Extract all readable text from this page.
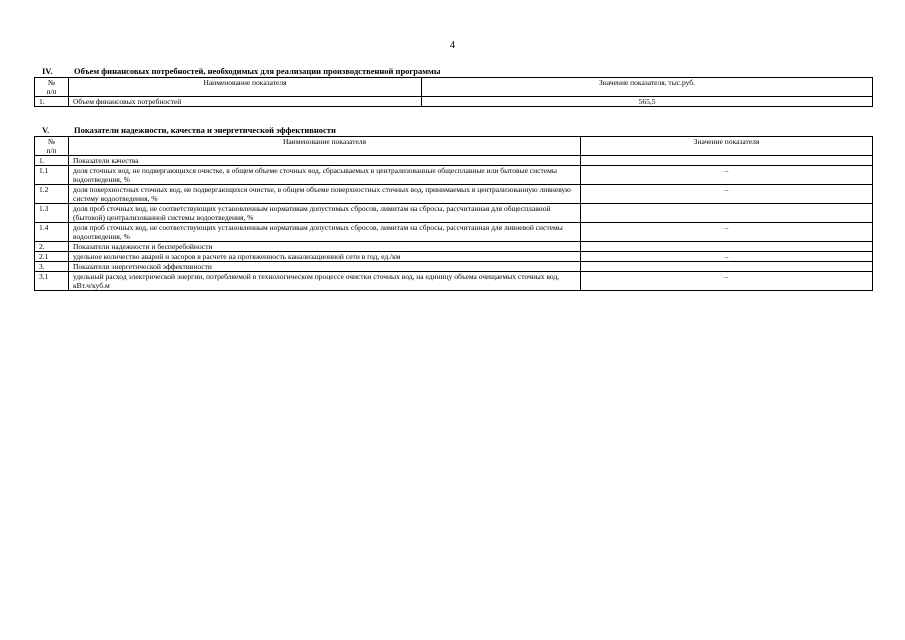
4
IV.	Объем финансовых потребностей, необходимых для реализации производственной программы
№
п/п	Наименование показателя	Значение показателя, тыс.руб.
1.	Объем финансовых потребностей	565,5
V.	Показатели надежности, качества и энергетической эффективности
№
п/п	Наименование показателя	Значение показателя
1.	Показатели качества	
1.1	доля сточных вод, не подвергающихся очистке, в общем объеме сточных вод, сбрасываемых в централизованные общесплавные или бытовые системы водоотведения, %	–
1.2	доля поверхностных сточных вод, не подвергающихся очистке, в общем объеме поверхностных сточных вод, принимаемых в централизованную ливневую систему водоотведения, %	–
1.3	доля проб сточных вод, не соответствующих установленным нормативам допустимых сбросов, лимитам на сбросы, рассчитанная для общесплавной (бытовой) централизованной системы водоотведения, %	
1.4	доля проб сточных вод, не соответствующих установленным нормативам допустимых сбросов, лимитам на сбросы, рассчитанная для ливневой системы водоотведения, %	–
2.	Показатели надежности и бесперебойности	
2.1	удельное количество аварий и засоров в расчете на протяженность канализационной сети в год, ед./км	–
3.	Показатели энергетической эффективности	
3.1	удельный расход электрической энергии, потребляемой в технологическом процессе очистки сточных вод, на единицу объема очищаемых сточных вод, кВт.ч/куб.м	–
